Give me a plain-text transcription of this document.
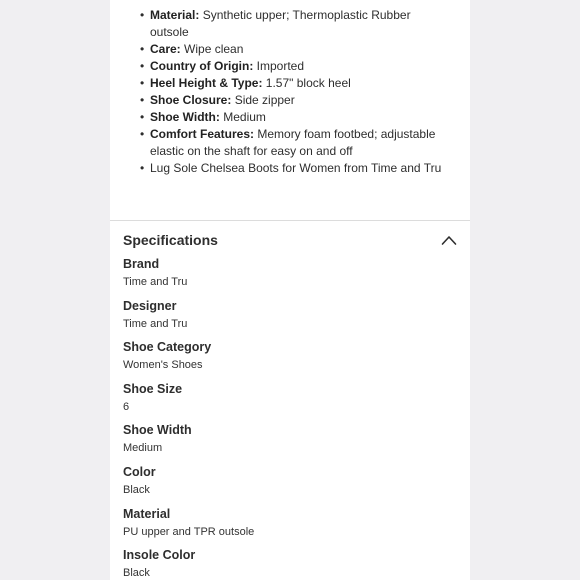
• Material: Synthetic upper; Thermoplastic Rubber outsole
• Care: Wipe clean
• Country of Origin: Imported
• Heel Height & Type: 1.57" block heel
• Shoe Closure: Side zipper
• Shoe Width: Medium
• Comfort Features: Memory foam footbed; adjustable elastic on the shaft for easy on and off
• Lug Sole Chelsea Boots for Women from Time and Tru
Specifications
Brand
Time and Tru
Designer
Time and Tru
Shoe Category
Women's Shoes
Shoe Size
6
Shoe Width
Medium
Color
Black
Material
PU upper and TPR outsole
Insole Color
Black
